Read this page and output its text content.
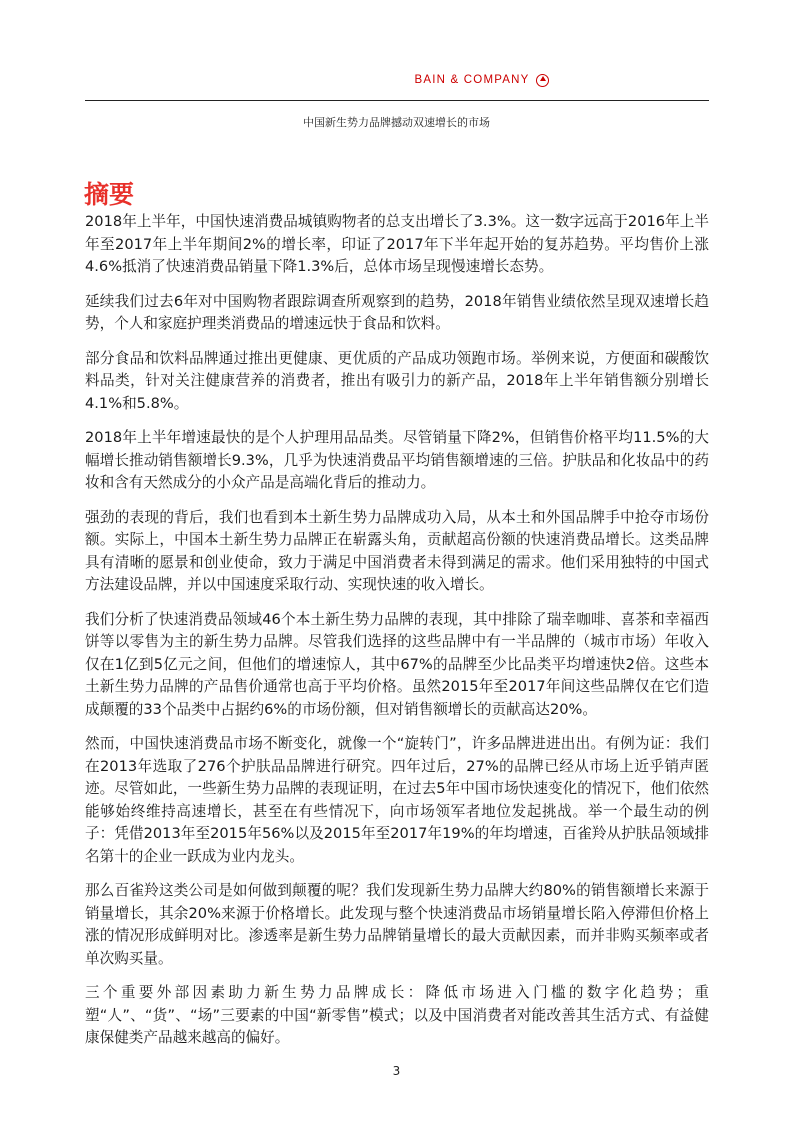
BAIN & COMPANY
中国新生势力品牌撼动双速增长的市场
摘要

2018年上半年，中国快速消费品城镇购物者的总支出增长了3.3%。这一数字远高于2016年上半年至2017年上半年期间2%的增长率，印证了2017年下半年起开始的复苏趋势。平均售价上涨4.6%抵消了快速消费品销量下降1.3%后，总体市场呈现慢速增长态势。

延续我们过去6年对中国购物者跟踪调查所观察到的趋势，2018年销售业绩依然呈现双速增长趋势，个人和家庭护理类消费品的增速远快于食品和饮料。

部分食品和饮料品牌通过推出更健康、更优质的产品成功领跑市场。举例来说，方便面和碳酸饮料品类，针对关注健康营养的消费者，推出有吸引力的新产品，2018年上半年销售额分别增长4.1%和5.8%。

2018年上半年增速最快的是个人护理用品品类。尽管销量下降2%，但销售价格平均11.5%的大幅增长推动销售额增长9.3%，几乎为快速消费品平均销售额增速的三倍。护肤品和化妆品中的药妆和含有天然成分的小众产品是高端化背后的推动力。

强劲的表现的背后，我们也看到本土新生势力品牌成功入局，从本土和外国品牌手中抢夺市场份额。实际上，中国本土新生势力品牌正在崭露头角，贡献超高份额的快速消费品增长。这类品牌具有清晰的愿景和创业使命，致力于满足中国消费者未得到满足的需求。他们采用独特的中国式方法建设品牌，并以中国速度采取行动、实现快速的收入增长。

我们分析了快速消费品领域46个本土新生势力品牌的表现，其中排除了瑞幸咖啡、喜茶和幸福西饼等以零售为主的新生势力品牌。尽管我们选择的这些品牌中有一半品牌的（城市市场）年收入仅在1亿到5亿元之间，但他们的增速惊人，其中67%的品牌至少比品类平均增速快2倍。这些本土新生势力品牌的产品售价通常也高于平均价格。虽然2015年至2017年间这些品牌仅在它们造成颠覆的33个品类中占据约6%的市场份额，但对销售额增长的贡献高达20%。

然而，中国快速消费品市场不断变化，就像一个“旋转门”，许多品牌进进出出。有例为证：我们在2013年选取了276个护肤品品牌进行研究。四年过后，27%的品牌已经从市场上近乎销声匿迹。尽管如此，一些新生势力品牌的表现证明，在过去5年中国市场快速变化的情况下，他们依然能够始终维持高速增长，甚至在有些情况下，向市场领军者地位发起挑战。举一个最生动的例子：凭借2013年至2015年56%以及2015年至2017年19%的年均增速，百雀羚从护肤品领域排名第十的企业一跃成为业内龙头。

那么百雀羚这类公司是如何做到颠覆的呢？我们发现新生势力品牌大约80%的销售额增长来源于销量增长，其余20%来源于价格增长。此发现与整个快速消费品市场销量增长陷入停滞但价格上涨的情况形成鲜明对比。渗透率是新生势力品牌销量增长的最大贡献因素，而并非购买频率或者单次购买量。

三个重要外部因素助力新生势力品牌成长：降低市场进入门槛的数字化趋势；重塑“人”、“货”、“场”三要素的中国“新零售”模式；以及中国消费者对能改善其生活方式、有益健康保健类产品越来越高的偏好。

3
